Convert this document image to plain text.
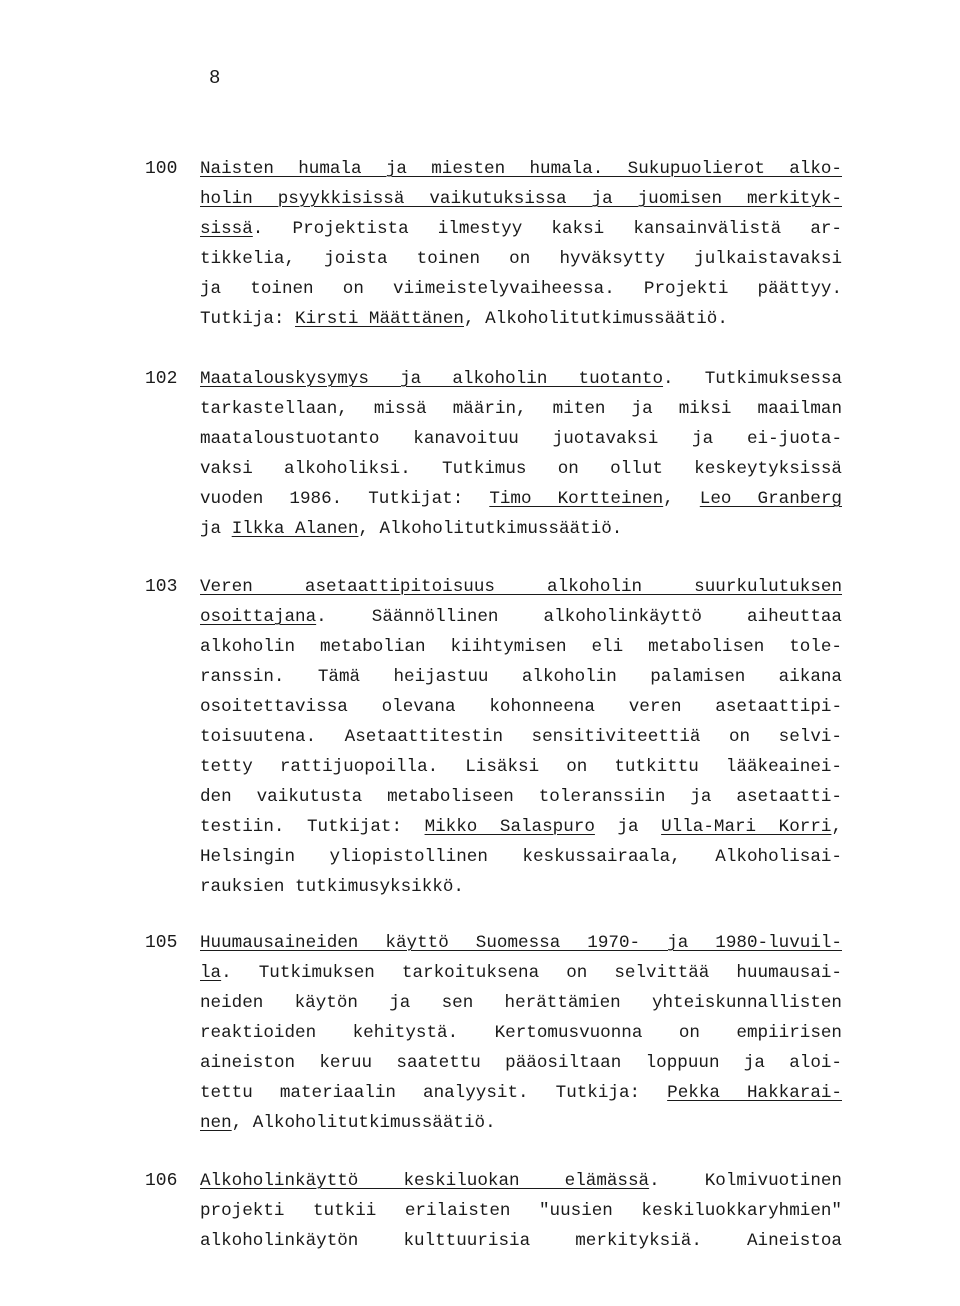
8
100 Naisten humala ja miesten humala. Sukupuolierot alko-
holin psyykkisissä vaikutuksissa ja juomisen merkityk-
sissä. Projektista ilmestyy kaksi kansainvälistä ar-
tikkelia, joista toinen on hyväksytty julkaistavaksi
ja toinen on viimeistelyvaiheessa. Projekti päättyy.
Tutkija: Kirsti Määttänen, Alkoholitutkimussäätiö.
102 Maatalouskysymys ja alkoholin tuotanto. Tutkimuksessa
tarkastellaan, missä määrin, miten ja miksi maailman
maataloustuotanto kanavoituu juotavaksi ja ei-juota-
vaksi alkoholiksi. Tutkimus on ollut keskeytyksissä
vuoden 1986. Tutkijat: Timo Kortteinen, Leo Granberg
ja Ilkka Alanen, Alkoholitutkimussäätiö.
103 Veren asetaattipitoisuus alkoholin suurkulutuksen
osoittajana. Säännöllinen alkoholinkäyttö aiheuttaa
alkoholin metabolian kiihtymisen eli metabolisen tole-
ranssin. Tämä heijastuu alkoholin palamisen aikana
osoitettavissa olevana kohonneena veren asetaattipi-
toisuutena. Asetaattitestin sensitiviteettiä on selvi-
tetty rattijuopoilla. Lisäksi on tutkittu lääkeainei-
den vaikutusta metaboliseen toleranssiin ja asetaatti-
testiin. Tutkijat: Mikko Salaspuro ja Ulla-Mari Korri,
Helsingin yliopistollinen keskussairaala, Alkoholisai-
rauksien tutkimusyksikkö.
105 Huumausaineiden käyttö Suomessa 1970- ja 1980-luvuil-
la. Tutkimuksen tarkoituksena on selvittää huumausai-
neiden käytön ja sen herättämien yhteiskunnallisten
reaktioiden kehitystä. Kertomusvuonna on empiirisen
aineiston keruu saatettu pääosiltaan loppuun ja aloi-
tettu materiaalin analyysit. Tutkija: Pekka Hakkarai-
nen, Alkoholitutkimussäätiö.
106 Alkoholinkäyttö keskiluokan elämässä. Kolmivuotinen
projekti tutkii erilaisten "uusien keskiluokkaryhmien"
alkoholinkäytön kulttuurisia merkityksiä. Aineistoa
